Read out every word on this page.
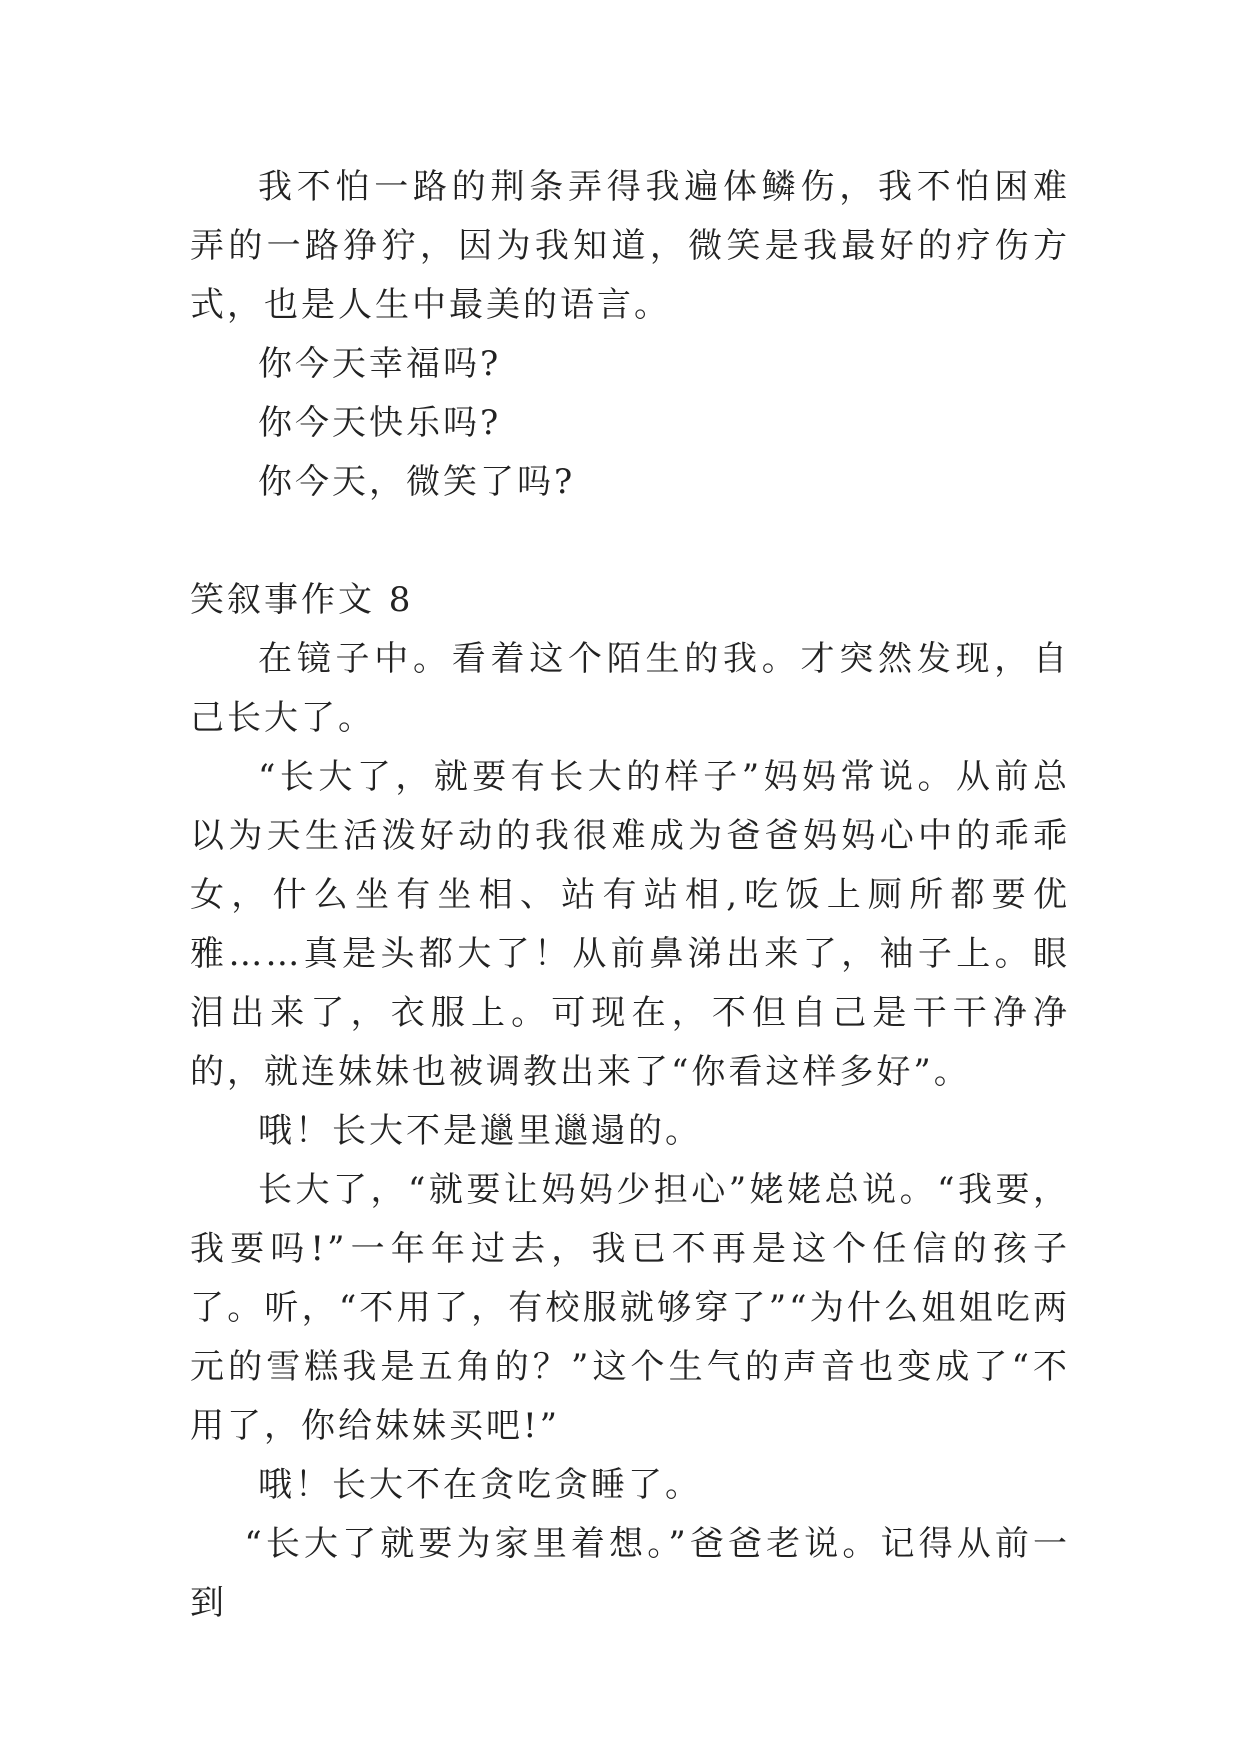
我不怕一路的荆条弄得我遍体鳞伤，我不怕困难弄的一路狰狞，因为我知道，微笑是我最好的疗伤方式，也是人生中最美的语言。

你今天幸福吗?

你今天快乐吗?

你今天，微笑了吗?

笑叙事作文 8

在镜子中。看着这个陌生的我。才突然发现，自己长大了。

“长大了，就要有长大的样子”妈妈常说。从前总以为天生活泼好动的我很难成为爸爸妈妈心中的乖乖女，什么坐有坐相、站有站相,吃饭上厕所都要优雅……真是头都大了！从前鼻涕出来了，袖子上。眼泪出来了，衣服上。可现在，不但自己是干干净净的，就连妹妹也被调教出来了“你看这样多好”。

哦！长大不是邋里邋遢的。

长大了，“就要让妈妈少担心”姥姥总说。“我要，我要吗!”一年年过去，我已不再是这个任信的孩子了。听，“不用了，有校服就够穿了”“为什么姐姐吃两元的雪糕我是五角的？”这个生气的声音也变成了“不用了，你给妹妹买吧!”

哦！长大不在贪吃贪睡了。

“长大了就要为家里着想。”爸爸老说。记得从前一到
